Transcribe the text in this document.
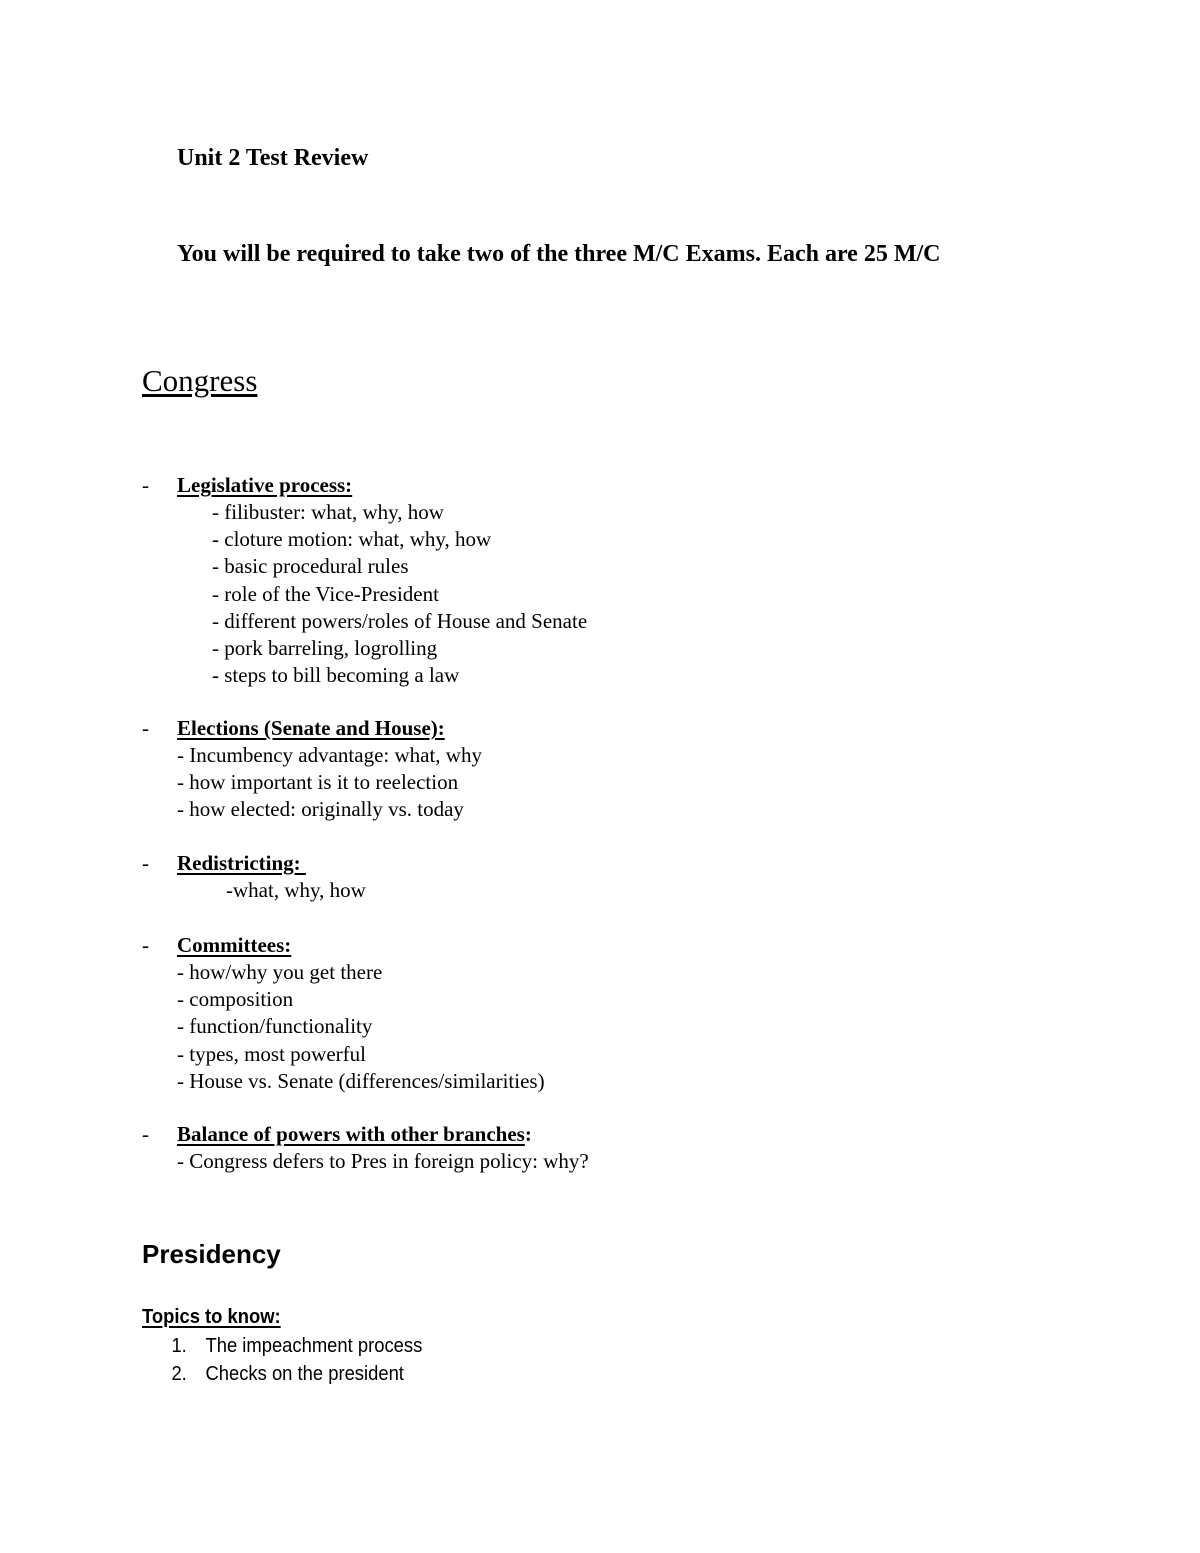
Unit 2 Test Review
You will be required to take two of the three M/C Exams. Each are 25 M/C
Congress
-	Legislative process:
- filibuster: what, why, how
- cloture motion: what, why, how
- basic procedural rules
- role of the Vice-President
- different powers/roles of House and Senate
- pork barreling, logrolling
- steps to bill becoming a law
-	Elections (Senate and House):
- Incumbency advantage: what, why
- how important is it to reelection
- how elected: originally vs. today
-	Redistricting:
-what, why, how
-	Committees:
- how/why you get there
- composition
- function/functionality
- types, most powerful
- House vs. Senate (differences/similarities)
-	Balance of powers with other branches :
- Congress defers to Pres in foreign policy: why?
Presidency
Topics to know:
1. The impeachment process
2. Checks on the president
